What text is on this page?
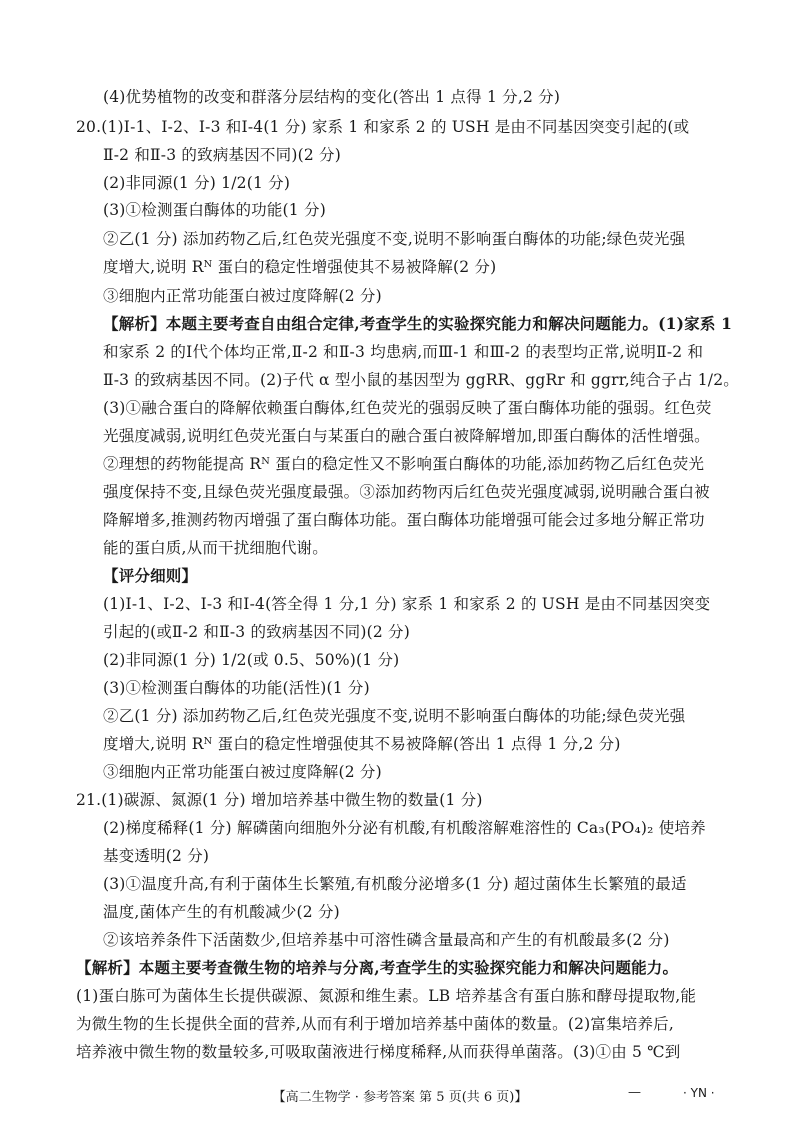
【高二生物学 · 参考答案 第 5 页(共 6 页)】	—	· YN ·
(4)优势植物的改变和群落分层结构的变化(答出 1 点得 1 分,2 分)
20.(1)Ⅰ-1、Ⅰ-2、Ⅰ-3 和Ⅰ-4(1 分) 家系 1 和家系 2 的 USH 是由不同基因突变引起的(或
Ⅱ-2 和Ⅱ-3 的致病基因不同)(2 分)
(2)非同源(1 分) 1/2(1 分)
(3)①检测蛋白酶体的功能(1 分)
②乙(1 分) 添加药物乙后,红色荧光强度不变,说明不影响蛋白酶体的功能;绿色荧光强
度增大,说明 Rᴺ 蛋白的稳定性增强使其不易被降解(2 分)
③细胞内正常功能蛋白被过度降解(2 分)
【解析】本题主要考查自由组合定律,考查学生的实验探究能力和解决问题能力。(1)家系 1
和家系 2 的Ⅰ代个体均正常,Ⅱ-2 和Ⅱ-3 均患病,而Ⅲ-1 和Ⅲ-2 的表型均正常,说明Ⅱ-2 和
Ⅱ-3 的致病基因不同。(2)子代 α 型小鼠的基因型为 ggRR、ggRr 和 ggrr,纯合子占 1/2。
(3)①融合蛋白的降解依赖蛋白酶体,红色荧光的强弱反映了蛋白酶体功能的强弱。红色荧
光强度减弱,说明红色荧光蛋白与某蛋白的融合蛋白被降解增加,即蛋白酶体的活性增强。
②理想的药物能提高 Rᴺ 蛋白的稳定性又不影响蛋白酶体的功能,添加药物乙后红色荧光
强度保持不变,且绿色荧光强度最强。③添加药物丙后红色荧光强度减弱,说明融合蛋白被
降解增多,推测药物丙增强了蛋白酶体功能。蛋白酶体功能增强可能会过多地分解正常功
能的蛋白质,从而干扰细胞代谢。
【评分细则】
(1)Ⅰ-1、Ⅰ-2、Ⅰ-3 和Ⅰ-4(答全得 1 分,1 分) 家系 1 和家系 2 的 USH 是由不同基因突变
引起的(或Ⅱ-2 和Ⅱ-3 的致病基因不同)(2 分)
(2)非同源(1 分) 1/2(或 0.5、50%)(1 分)
(3)①检测蛋白酶体的功能(活性)(1 分)
②乙(1 分) 添加药物乙后,红色荧光强度不变,说明不影响蛋白酶体的功能;绿色荧光强
度增大,说明 Rᴺ 蛋白的稳定性增强使其不易被降解(答出 1 点得 1 分,2 分)
③细胞内正常功能蛋白被过度降解(2 分)
21.(1)碳源、氮源(1 分) 增加培养基中微生物的数量(1 分)
(2)梯度稀释(1 分) 解磷菌向细胞外分泌有机酸,有机酸溶解难溶性的 Ca₃(PO₄)₂ 使培养
基变透明(2 分)
(3)①温度升高,有利于菌体生长繁殖,有机酸分泌增多(1 分) 超过菌体生长繁殖的最适
温度,菌体产生的有机酸减少(2 分)
②该培养条件下活菌数少,但培养基中可溶性磷含量最高和产生的有机酸最多(2 分)
【解析】本题主要考查微生物的培养与分离,考查学生的实验探究能力和解决问题能力。
(1)蛋白胨可为菌体生长提供碳源、氮源和维生素。LB 培养基含有蛋白胨和酵母提取物,能
为微生物的生长提供全面的营养,从而有利于增加培养基中菌体的数量。(2)富集培养后,
培养液中微生物的数量较多,可吸取菌液进行梯度稀释,从而获得单菌落。(3)①由 5 ℃到
